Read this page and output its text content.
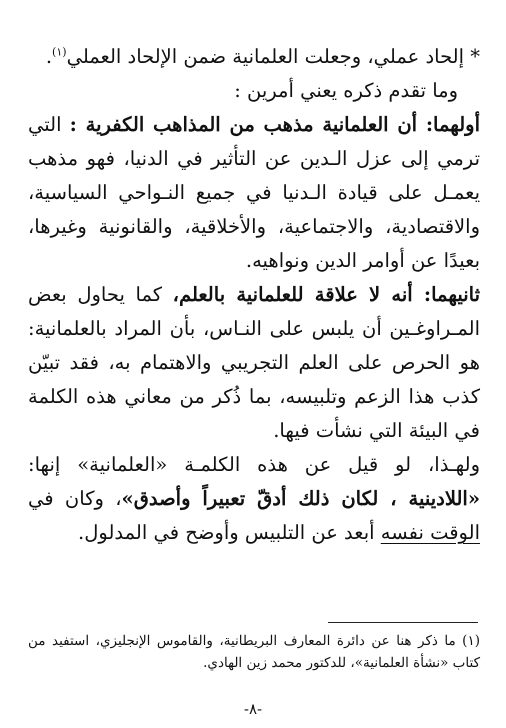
* إلحاد عملي، وجعلت العلمانية ضمن الإلحاد العملي$^{(١)}$.

وما تقدم ذكره يعني أمرين :

أولهما: أن العلمانية مذهب من المذاهب الكفرية : التي ترمي إلى عزل الـدين عن التأثير في الدنيا، فهو مذهب يعمـل على قيادة الـدنيا في جميع النـواحي السياسية، والاقتصادية، والاجتماعية، والأخلاقية، والقانونية وغيرها، بعيدًا عن أوامر الدين ونواهيه.

ثانيهما: أنه لا علاقة للعلمانية بالعلم، كما يحاول بعض المـراوغـين أن يلبس على النـاس، بأن المراد بالعلمانية: هو الحرص على العلم التجريبي والاهتمام به، فقد تبيّن كذب هذا الزعم وتلبيسه، بما ذُكر من معاني هذه الكلمة في البيئة التي نشأت فيها.

ولهـذا، لو قيل عن هذه الكلمـة «العلمانية» إنها: «اللادينية ، لكان ذلك أدقّ تعبيراً وأصدق»، وكان في الوقت نفسه أبعد عن التلبيس وأوضح في المدلول.

(١) ما ذكر هنا عن دائرة المعارف البريطانية، والقاموس الإنجليزي، استفيد من كتاب «نشأة العلمانية»، للدكتور محمد زين الهادي.

-٨-
